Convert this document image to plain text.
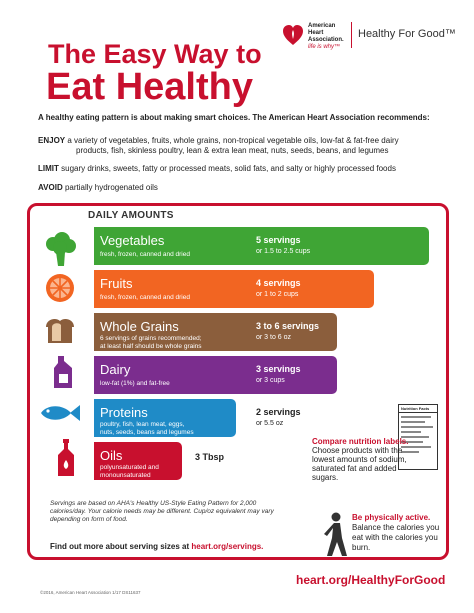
American
Heart
Association.
life is why™
Healthy For Good™
The Easy Way to
Eat Healthy
A healthy eating pattern is about making smart choices. The American Heart Association recommends:
ENJOY a variety of vegetables, fruits, whole grains, non-tropical vegetable oils, low-fat & fat-free dairy
products, fish, skinless poultry, lean & extra lean meat, nuts, seeds, beans, and legumes
LIMIT sugary drinks, sweets, fatty or processed meats, solid fats, and salty or highly processed foods
AVOID partially hydrogenated oils
DAILY AMOUNTS
Vegetables
fresh, frozen, canned and dried
5 servings
or 1.5 to 2.5 cups
Fruits
fresh, frozen, canned and dried
4 servings
or 1 to 2 cups
Whole Grains
6 servings of grains recommended;
at least half should be whole grains
3 to 6 servings
or 3 to 6 oz
Dairy
low-fat (1%) and fat-free
3 servings
or 3 cups
Proteins
poultry, fish, lean meat, eggs,
nuts, seeds, beans and legumes
2 servings
or 5.5 oz
Oils
polyunsaturated and
monounsaturated
3 Tbsp
Nutrition Facts
Compare nutrition labels. Choose products with the lowest amounts of sodium, saturated fat and added sugars.
Servings are based on AHA's Healthy US-Style Eating Pattern for 2,000 calories/day. Your calorie needs may be different. Cup/oz equivalent may vary depending on form of food.
Find out more about serving sizes at heart.org/servings.
Be physically active. Balance the calories you eat with the calories you burn.
heart.org/HealthyForGood
©2016, American Heart Association 1/17 DS11637
